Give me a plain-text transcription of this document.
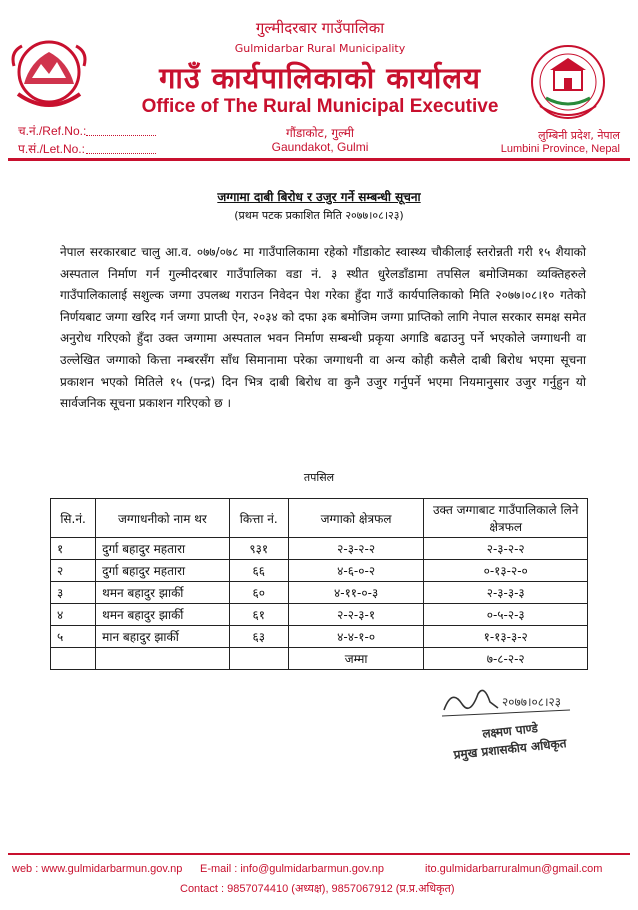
गुल्मीदरबार गाउँपालिका
Gulmidarbar Rural Municipality
गाउँ कार्यपालिकाको कार्यालय
Office of The Rural Municipal Executive
गौंडाकोट, गुल्मी
Gaundakot, Gulmi
च.नं./Ref.No.:
प.सं./Let.No.:
लुम्बिनी प्रदेश, नेपाल
Lumbini Province, Nepal
जग्गामा दाबी बिरोध र उजुर गर्ने सम्बन्धी सूचना
(प्रथम पटक प्रकाशित मिति २०७७।०८।२३)
नेपाल सरकारबाट चालु आ.व. ०७७/०७८ मा गाउँपालिकामा रहेको गौंडाकोट स्वास्थ्य चौकीलाई स्तरोन्नती गरी १५ शैयाको अस्पताल निर्माण गर्न गुल्मीदरबार गाउँपालिका वडा नं. ३ स्थीत धुरेलडाँडामा तपसिल बमोजिमका व्यक्तिहरुले गाउँपालिकालाई सशुल्क जग्गा उपलब्ध गराउन निवेदन पेश गरेका हुँदा गाउँ कार्यपालिकाको मिति २०७७।०८।१० गतेको निर्णयबाट जग्गा खरिद गर्न जग्गा प्राप्ती ऐन, २०३४ को दफा ३क बमोजिम जग्गा प्राप्तिको लागि नेपाल सरकार समक्ष समेत अनुरोध गरिएको हुँदा उक्त जग्गामा अस्पताल भवन निर्माण सम्बन्धी प्रकृया अगाडि बढाउनु पर्ने भएकोले जग्गाधनी वा उल्लेखित जग्गाको कित्ता नम्बरसँग साँध सिमानामा परेका जग्गाधनी वा अन्य कोही कसैले दाबी बिरोध भएमा सूचना प्रकाशन भएको मितिले १५ (पन्द्र) दिन भित्र दाबी बिरोध वा कुनै उजुर गर्नुपर्ने भएमा नियमानुसार उजुर गर्नुहुन यो सार्वजनिक सूचना प्रकाशन गरिएको छ ।
तपसिल
सि.नं.	जग्गाधनीको नाम थर	कित्ता नं.	जग्गाको क्षेत्रफल	उक्त जग्गाबाट गाउँपालिकाले लिने क्षेत्रफल
१	दुर्गा बहादुर महतारा	९३१	२-३-२-२	२-३-२-२
२	दुर्गा बहादुर महतारा	६६	४-६-०-२	०-१३-२-०
३	थमन बहादुर झार्की	६०	४-११-०-३	२-३-३-३
४	थमन बहादुर झार्की	६१	२-२-३-१	०-५-२-३
५	मान बहादुर झार्की	६३	४-४-१-०	१-१३-३-२
			जम्मा	७-८-२-२
२०७७।०८।२३
लक्ष्मण पाण्डे
प्रमुख प्रशासकीय अधिकृत
web : www.gulmidarbarmun.gov.np E-mail : info@gulmidarbarmun.gov.np	ito.gulmidarbarruralmun@gmail.com
Contact : 9857074410 (अध्यक्ष), 9857067912 (प्र.प्र.अधिकृत)
